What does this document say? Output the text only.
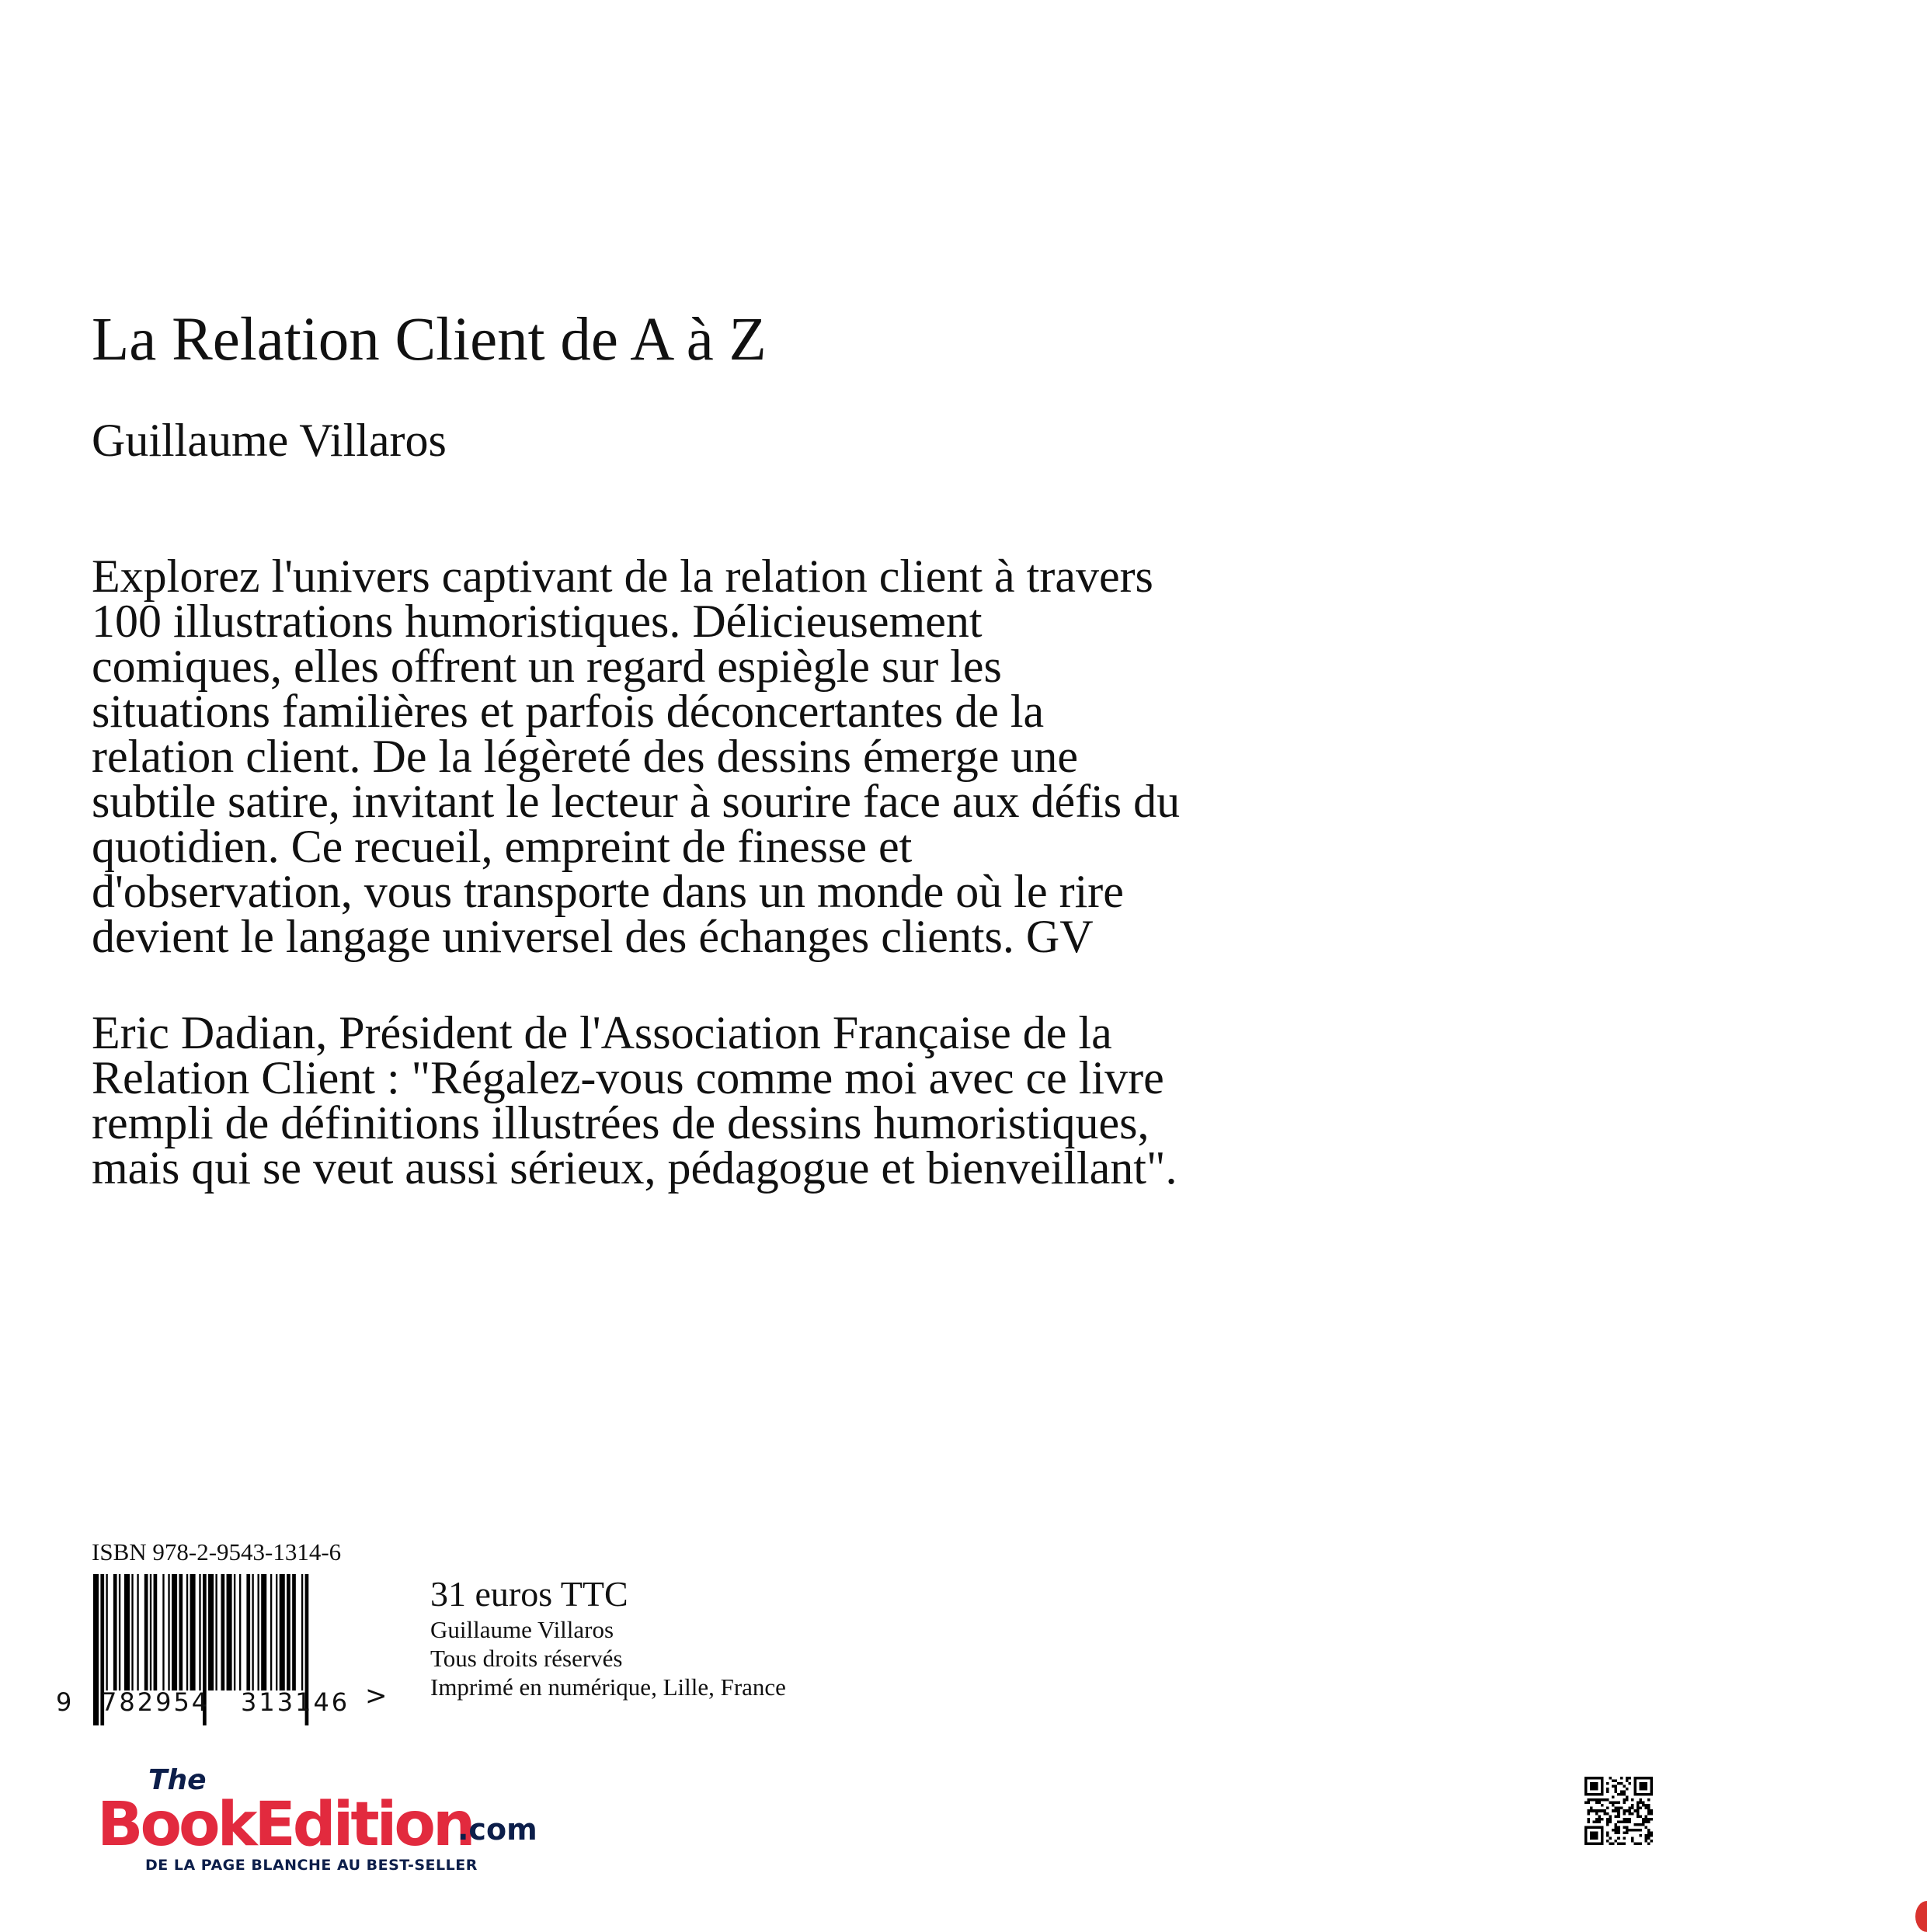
La Relation Client de A à Z
Guillaume Villaros

Explorez l'univers captivant de la relation client à travers
100 illustrations humoristiques. Délicieusement
comiques, elles offrent un regard espiègle sur les
situations familières et parfois déconcertantes de la
relation client. De la légèreté des dessins émerge une
subtile satire, invitant le lecteur à sourire face aux défis du
quotidien. Ce recueil, empreint de finesse et
d'observation, vous transporte dans un monde où le rire
devient le langage universel des échanges clients. GV

Eric Dadian, Président de l'Association Française de la
Relation Client : "Régalez-vous comme moi avec ce livre
rempli de définitions illustrées de dessins humoristiques,
mais qui se veut aussi sérieux, pédagogue et bienveillant".

ISBN 978-2-9543-1314-6
9 782954 313146 >
31 euros TTC
Guillaume Villaros
Tous droits réservés
Imprimé en numérique, Lille, France
The
BookEdition
.com
DE LA PAGE BLANCHE AU BEST-SELLER
